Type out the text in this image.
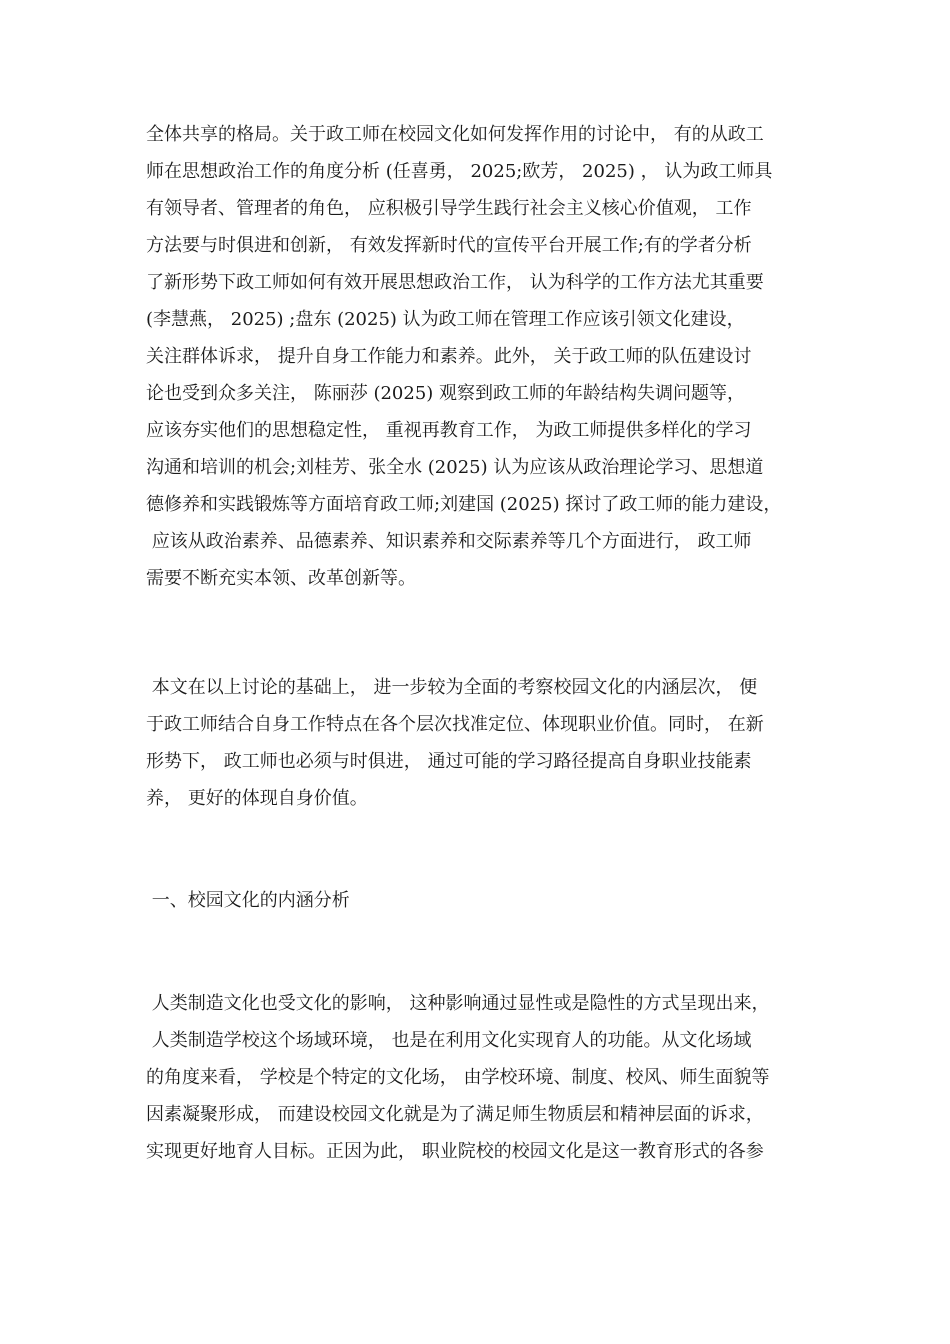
全体共享的格局。关于政工师在校园文化如何发挥作用的讨论中， 有的从政工
师在思想政治工作的角度分析 (任喜勇， 2025;欧芳， 2025) ， 认为政工师具
有领导者、管理者的角色， 应积极引导学生践行社会主义核心价值观， 工作
方法要与时俱进和创新， 有效发挥新时代的宣传平台开展工作;有的学者分析
了新形势下政工师如何有效开展思想政治工作， 认为科学的工作方法尤其重要
(李慧燕， 2025) ;盘东 (2025) 认为政工师在管理工作应该引领文化建设，
关注群体诉求， 提升自身工作能力和素养。此外， 关于政工师的队伍建设讨
论也受到众多关注， 陈丽莎 (2025) 观察到政工师的年龄结构失调问题等，
应该夯实他们的思想稳定性， 重视再教育工作， 为政工师提供多样化的学习
沟通和培训的机会;刘桂芳、张全水 (2025) 认为应该从政治理论学习、思想道
德修养和实践锻炼等方面培育政工师;刘建国 (2025) 探讨了政工师的能力建设，
应该从政治素养、品德素养、知识素养和交际素养等几个方面进行， 政工师
需要不断充实本领、改革创新等。
本文在以上讨论的基础上， 进一步较为全面的考察校园文化的内涵层次， 便
于政工师结合自身工作特点在各个层次找准定位、体现职业价值。同时， 在新
形势下， 政工师也必须与时俱进， 通过可能的学习路径提高自身职业技能素
养， 更好的体现自身价值。
一、校园文化的内涵分析
人类制造文化也受文化的影响， 这种影响通过显性或是隐性的方式呈现出来，
人类制造学校这个场域环境， 也是在利用文化实现育人的功能。从文化场域
的角度来看， 学校是个特定的文化场， 由学校环境、制度、校风、师生面貌等
因素凝聚形成， 而建设校园文化就是为了满足师生物质层和精神层面的诉求，
实现更好地育人目标。正因为此， 职业院校的校园文化是这一教育形式的各参
